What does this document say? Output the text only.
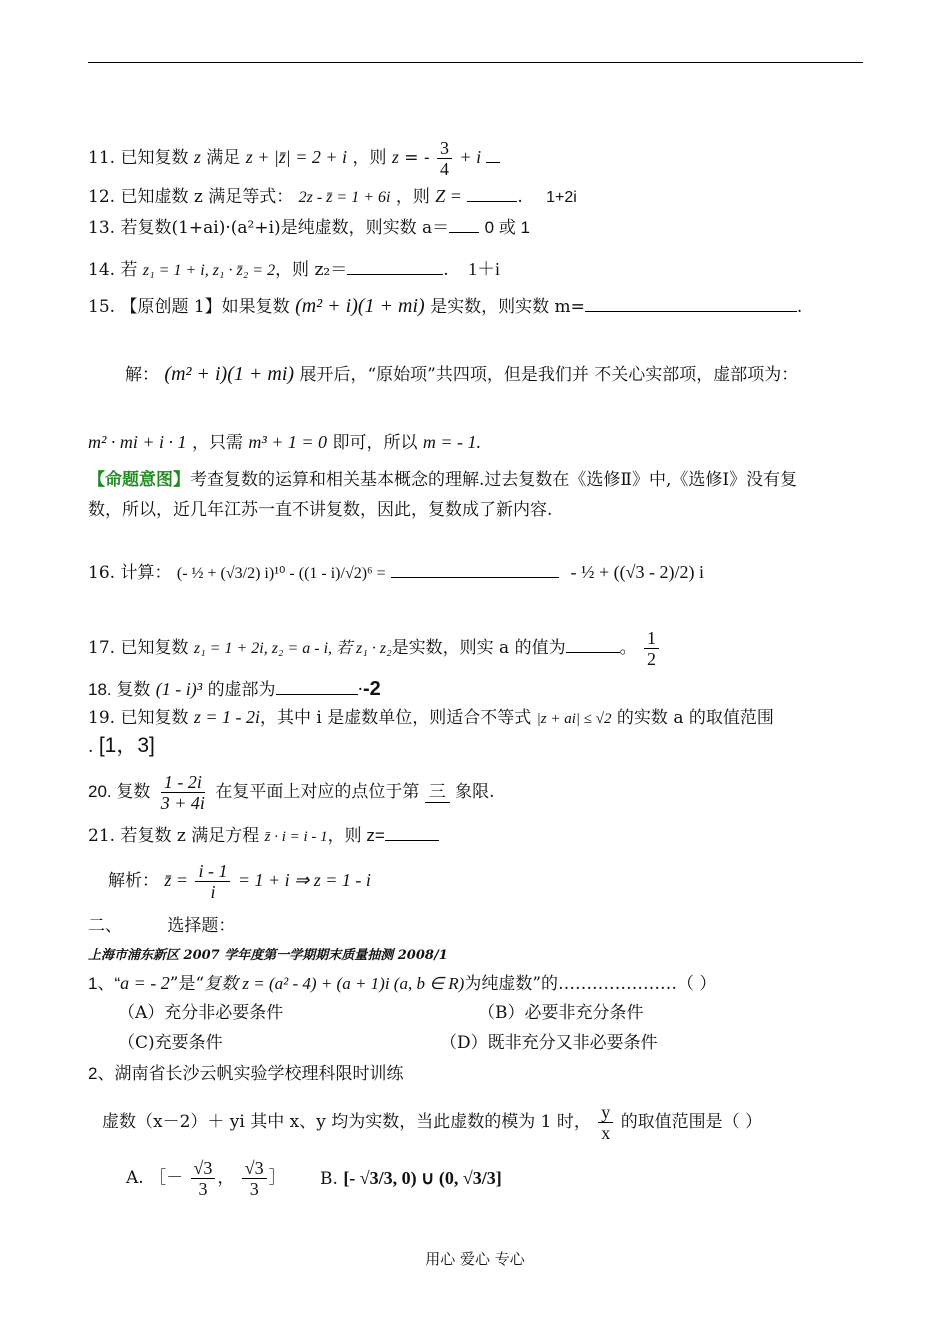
11. 已知复数 z 满足 z + |z̄| = 2 + i ，则 z = - $\frac{3}{4} + i$
12. 已知虚数 z 满足等式： 2z - z̄ = 1 + 6i ，则 Z =	. 1+2i
13. 若复数(1+ai)·(a²+i)是纯虚数，则实数 a＝ 0 或 1
14. 若 z₁ = 1 + i, z₁ · z̄₂ = 2，则 z₂＝	. 1＋i
15. 【原创题 1】如果复数 (m² + i)(1 + mi) 是实数，则实数 m=	.
解： (m² + i)(1 + mi) 展开后，“原始项”共四项，但是我们并 不关心实部项，虚部项为：
m² · mi + i · 1 ，只需 m³ + 1 = 0 即可，所以 m = - 1.
【命题意图】考查复数的运算和相关基本概念的理解.过去复数在《选修Ⅱ》中,《选修Ⅰ》没有复
数，所以，近几年江苏一直不讲复数，因此，复数成了新内容.
16. 计算： (- ½ + (√3/2) i)¹⁰ - ((1 - i)/√2)⁶ =	- ½ + ((√3 - 2)/2) i
17. 已知复数 z₁ = 1 + 2i, z₂ = a - i, 若 z₁ · z₂是实数，则实 a 的值为	。 $\frac{1}{2}$
18. 复数 (1 - i)³ 的虚部为	·-2
19. 已知复数 z = 1 - 2i，其中 i 是虚数单位，则适合不等式 |z + ai| ≤ √2 的实数 a 的取值范围
. [1，3]
20. 复数 $\frac{1 - 2i}{3 + 4i}$ 在复平面上对应的点位于第 三 象限.
21. 若复数 z 满足方程 z̄ · i = i - 1，则 z=
解析： z̄ = $\frac{i - 1}{i} = 1 + i$ ⇒ z = 1 - i
二、	选择题：
上海市浦东新区 2007 学年度第一学期期末质量抽测 2008/1
1、“a = - 2”是“复数 z = (a² - 4) + (a + 1)i (a, b ∈ R)为纯虚数”的…………………（ ）
（A）充分非必要条件	（B）必要非充分条件
（C)充要条件	（D）既非充分又非必要条件
2、湖南省长沙云帆实验学校理科限时训练
虚数（x－2）＋ yi 其中 x、y 均为实数，当此虚数的模为 1 时， $\frac{y}{x}$ 的取值范围是（ ）
A. ［－ $\frac{√3}{3}$ ， $\frac{√3}{3}$ ］ B. [- √3/3, 0) ∪ (0, √3/3]
用心 爱心 专心
